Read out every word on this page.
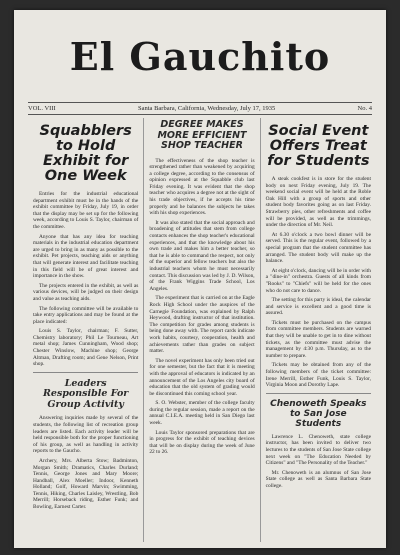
El Gauchito
VOL. VIII	Santa Barbara, California, Wednesday, July 17, 1935	No. 4
Squabblers to Hold Exhibit for One Week

Entries for the industrial educational department exhibit must be in the hands of the exhibit committee by Friday, July 19, in order that the display may be set up for the following week, according to Louis S. Taylor, chairman of the committee.

Anyone that has any idea for teaching materials in the industrial education department are urged to bring in as many as possible to the exhibit. Pet projects, teaching aids or anything that will generate interest and facilitate teaching in this field will be of great interest and importance in the show.

The projects entered in the exhibit, as well as various devices, will be judged on their design and value as teaching aids.

The following committee will be available to take entry applications and may be found at the place indicated:

Louis S. Taylor, chairman; F. Sutter, Chemistry laboratory; Phil Le Tourneau, Art metal shop; James Cunningham, Wood shop; Chester Winslow, Machine shop; George Altman, Drafting room; and Gene Nelson, Print shop.

Leaders Responsible For Group Activity

Answering inquiries made by several of the students, the following list of recreation group leaders are listed. Each activity leader will be held responsible both for the proper functioning of his group, as well as handling in activity reports to the Gaucho.

Archery, Mrs. Alberta Stow; Badminton, Morgan Smith; Dramatics, Charles Durland; Tennis, George Jones and Mary Moore; Handball, Alex Moeller; Indoor, Kenneth Holland; Golf, Howard Marvin; Swimming, Tennis, Hiking, Charles Laisley, Wrestling, Bob Merrill; Horseback riding, Esther Funk; and Bowling, Earnest Carter.

DEGREE MAKES MORE EFFICIENT SHOP TEACHER

The effectiveness of the shop teacher is strengthened rather than weakened by acquiring a college degree, according to the consensus of opinion expressed at the Squabble club last Friday evening. It was evident that the shop teacher who acquires a degree not at the sight of his trade objectives, if he accepts his time properly and he balances the subjects he takes with his shop experiences.

It was also stated that the social approach and broadening of attitudes that stem from college contacts enhances the shop teacher's educational experiences, and that the knowledge about his own trade and makes him a better teacher, so that he is able to command the respect, not only of the superior and fellow teachers but also the industrial teachers whom he must necessarily contact. This discussion was led by J. D. Wilson, of the Frank Wiggins Trade School, Los Angeles.

The experiment that is carried on at the Eagle Rock High School under the auspices of the Carnegie Foundation, was explained by Ralph Heywood, drafting instructor of that institution. The competition for grades among students is being done away with. The report cards indicate work habits, courtesy, cooperation, health and achievements rather than grades on subject matter.

The novel experiment has only been tried out for one semester, but the fact that it is meeting with the approval of educators is indicated by an announcement of the Los Angeles city board of education that the old system of grading would be discontinued this coming school year.

S. O. Webster, member of the college faculty during the regular session, made a report on the annual C.I.E.A. meeting held in San Diego last week.

Louis Taylor sponsored preparations that are in progress for the exhibit of teaching devices that will be on display during the week of June 22 to 26.

Social Event Offers Treat for Students

A steak cookfest is in store for the student body on next Friday evening, July 19. The weekend social event will be held at the Roble Oak Hill with a group of sports and other student body favorites going as on last Friday. Strawberry pies, other refreshments and coffee will be provided, as well as the trimmings, under the direction of Mr. Neil.

At 6.30 o'clock a two bowl dinner will be served. This is the regular event, followed by a special program that the student committee has arranged. The student body will make up the balance.

At eight o'clock, dancing will be in order with a "dine-in" orchestra. Guests of all kinds from "Rooks" to "Chiefs" will be held for the ones who do not care to dance.

The setting for this party is ideal, the calendar and service is excellent and a good time is assured.

Tickets must be purchased on the campus from committee members. Students are warned that they will be unable to get in to dine without tickets, as the committee must advise the management by 4:30 p.m. Thursday, as to the number to prepare.

Tickets may be obtained from any of the following members of the ticket committee: Irene Merrill, Esther Funk, Louis S. Taylor, Virginia Moon and Dorothy Lape.

Chenoweth Speaks to San Jose Students

Lawrence L. Chenoweth, state college instructor, has been invited to deliver two lectures to the students of San Jose State college next week on "The Education Needed by Citizens" and "The Personality of the Teacher."

Mr. Chenoweth is an alumnus of San Jose State college as well as Santa Barbara State college.
